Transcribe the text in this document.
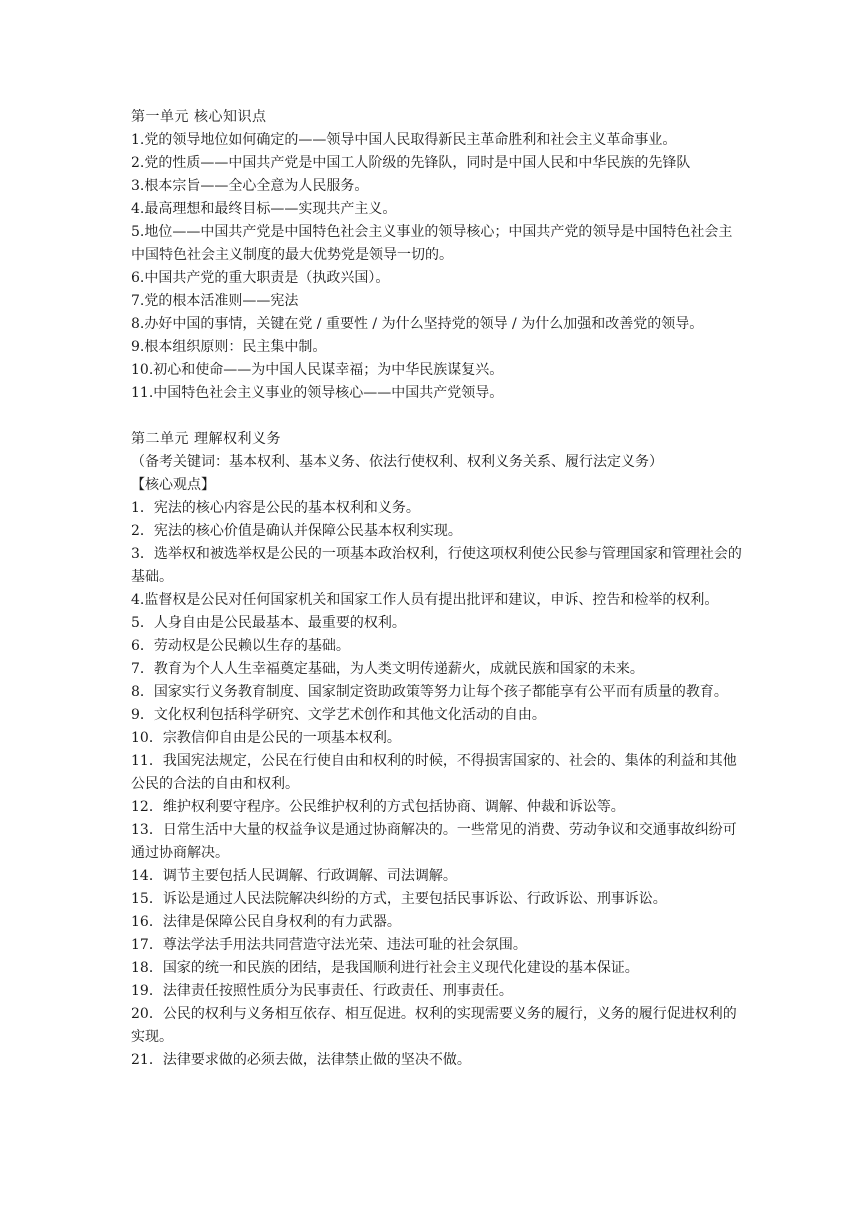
第一单元 核心知识点
1.党的领导地位如何确定的——领导中国人民取得新民主革命胜利和社会主义革命事业。
2.党的性质——中国共产党是中国工人阶级的先锋队，同时是中国人民和中华民族的先锋队
3.根本宗旨——全心全意为人民服务。
4.最高理想和最终目标——实现共产主义。
5.地位——中国共产党是中国特色社会主义事业的领导核心；中国共产党的领导是中国特色社会主中国特色社会主义制度的最大优势党是领导一切的。
6.中国共产党的重大职责是（执政兴国）。
7.党的根本活准则——宪法
8.办好中国的事情，关键在党 / 重要性 / 为什么坚持党的领导 / 为什么加强和改善党的领导。
9.根本组织原则：民主集中制。
10.初心和使命——为中国人民谋幸福；为中华民族谋复兴。
11.中国特色社会主义事业的领导核心——中国共产党领导。
第二单元 理解权利义务
（备考关键词：基本权利、基本义务、依法行使权利、权利义务关系、履行法定义务）
【核心观点】
1．宪法的核心内容是公民的基本权利和义务。
2．宪法的核心价值是确认并保障公民基本权利实现。
3．选举权和被选举权是公民的一项基本政治权利，行使这项权利使公民参与管理国家和管理社会的基础。
4.监督权是公民对任何国家机关和国家工作人员有提出批评和建议，申诉、控告和检举的权利。
5．人身自由是公民最基本、最重要的权利。
6．劳动权是公民赖以生存的基础。
7．教育为个人人生幸福奠定基础，为人类文明传递薪火，成就民族和国家的未来。
8．国家实行义务教育制度、国家制定资助政策等努力让每个孩子都能享有公平而有质量的教育。
9．文化权利包括科学研究、文学艺术创作和其他文化活动的自由。
10．宗教信仰自由是公民的一项基本权利。
11．我国宪法规定，公民在行使自由和权利的时候，不得损害国家的、社会的、集体的利益和其他公民的合法的自由和权利。
12．维护权利要守程序。公民维护权利的方式包括协商、调解、仲裁和诉讼等。
13．日常生活中大量的权益争议是通过协商解决的。一些常见的消费、劳动争议和交通事故纠纷可通过协商解决。
14．调节主要包括人民调解、行政调解、司法调解。
15．诉讼是通过人民法院解决纠纷的方式，主要包括民事诉讼、行政诉讼、刑事诉讼。
16．法律是保障公民自身权利的有力武器。
17．尊法学法手用法共同营造守法光荣、违法可耻的社会氛围。
18．国家的统一和民族的团结，是我国顺利进行社会主义现代化建设的基本保证。
19．法律责任按照性质分为民事责任、行政责任、刑事责任。
20．公民的权利与义务相互依存、相互促进。权利的实现需要义务的履行，义务的履行促进权利的实现。
21．法律要求做的必须去做，法律禁止做的坚决不做。
